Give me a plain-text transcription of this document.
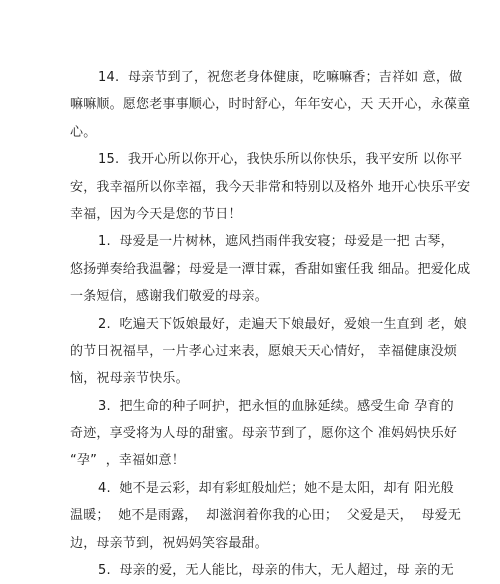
14.  母亲节到了，祝您老身体健康，吃嘛嘛香；吉祥如 意，做
嘛嘛顺。愿您老事事顺心，时时舒心，年年安心，天 天开心，永葆童
心。
15.  我开心所以你开心，我快乐所以你快乐，我平安所 以你平
安，我幸福所以你幸福，我今天非常和特别以及格外 地开心快乐平安
幸福，因为今天是您的节日！
1.  母爱是一片树林，遮风挡雨伴我安寝；母爱是一把 古琴，
悠扬弹奏给我温馨；母爱是一潭甘霖，香甜如蜜任我 细品。把爱化成
一条短信，感谢我们敬爱的母亲。
2.  吃遍天下饭娘最好，走遍天下娘最好，爱娘一生直到 老，娘
的节日祝福早，一片孝心过来表，愿娘天天心情好， 幸福健康没烦
恼，祝母亲节快乐。
3.  把生命的种子呵护，把永恒的血脉延续。感受生命 孕育的
奇迹，享受将为人母的甜蜜。母亲节到了，愿你这个 准妈妈快乐好
“孕”  ，幸福如意！
4.  她不是云彩，却有彩虹般灿烂；她不是太阳，却有 阳光般
温暖；  她不是雨露，  却滋润着你我的心田；  父爱是天，  母爱无
边，母亲节到，祝妈妈笑容最甜。
5.  母亲的爱，无人能比，母亲的伟大，无人超过，母 亲的无
